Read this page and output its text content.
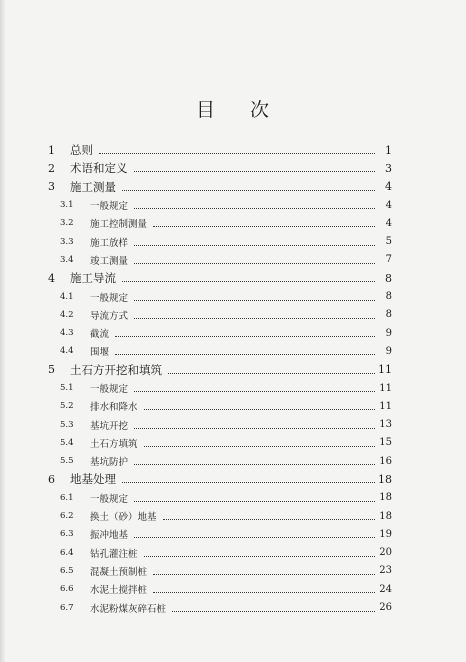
目 次
1	总则	1
2	术语和定义	3
3	施工测量	4
3.1	一般规定	4
3.2	施工控制测量	4
3.3	施工放样	5
3.4	竣工测量	7
4	施工导流	8
4.1	一般规定	8
4.2	导流方式	8
4.3	截流	9
4.4	围堰	9
5	土石方开挖和填筑	11
5.1	一般规定	11
5.2	排水和降水	11
5.3	基坑开挖	13
5.4	土石方填筑	15
5.5	基坑防护	16
6	地基处理	18
6.1	一般规定	18
6.2	换土（砂）地基	18
6.3	振冲地基	19
6.4	钻孔灌注桩	20
6.5	混凝土预制桩	23
6.6	水泥土搅拌桩	24
6.7	水泥粉煤灰碎石桩	26
